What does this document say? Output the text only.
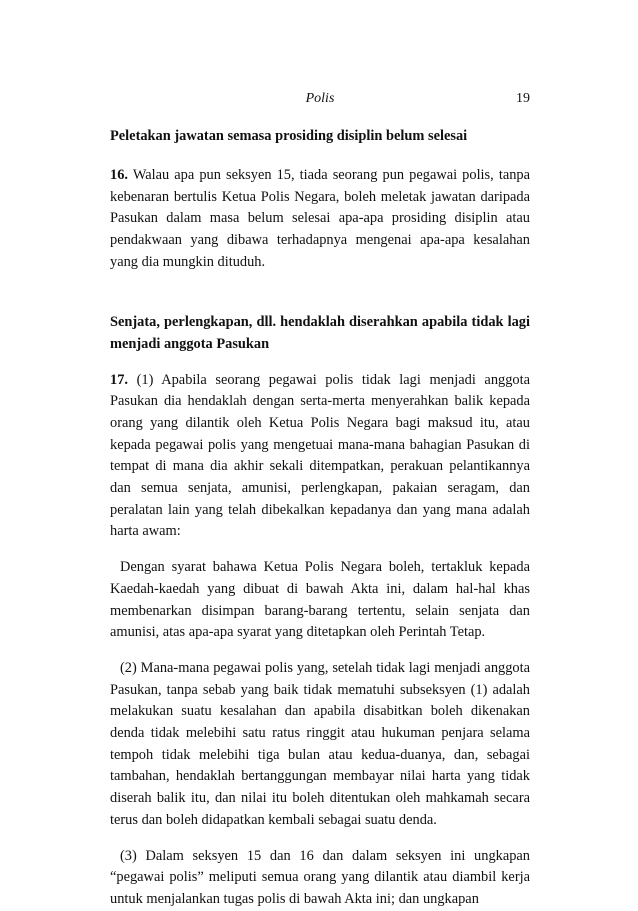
Polis	19
Peletakan jawatan semasa prosiding disiplin belum selesai

16. Walau apa pun seksyen 15, tiada seorang pun pegawai polis, tanpa kebenaran bertulis Ketua Polis Negara, boleh meletak jawatan daripada Pasukan dalam masa belum selesai apa-apa prosiding disiplin atau pendakwaan yang dibawa terhadapnya mengenai apa-apa kesalahan yang dia mungkin dituduh.

Senjata, perlengkapan, dll. hendaklah diserahkan apabila tidak lagi menjadi anggota Pasukan

17. (1) Apabila seorang pegawai polis tidak lagi menjadi anggota Pasukan dia hendaklah dengan serta-merta menyerahkan balik kepada orang yang dilantik oleh Ketua Polis Negara bagi maksud itu, atau kepada pegawai polis yang mengetuai mana-mana bahagian Pasukan di tempat di mana dia akhir sekali ditempatkan, perakuan pelantikannya dan semua senjata, amunisi, perlengkapan, pakaian seragam, dan peralatan lain yang telah dibekalkan kepadanya dan yang mana adalah harta awam:

Dengan syarat bahawa Ketua Polis Negara boleh, tertakluk kepada Kaedah-kaedah yang dibuat di bawah Akta ini, dalam hal-hal khas membenarkan disimpan barang-barang tertentu, selain senjata dan amunisi, atas apa-apa syarat yang ditetapkan oleh Perintah Tetap.

(2) Mana-mana pegawai polis yang, setelah tidak lagi menjadi anggota Pasukan, tanpa sebab yang baik tidak mematuhi subseksyen (1) adalah melakukan suatu kesalahan dan apabila disabitkan boleh dikenakan denda tidak melebihi satu ratus ringgit atau hukuman penjara selama tempoh tidak melebihi tiga bulan atau kedua-duanya, dan, sebagai tambahan, hendaklah bertanggungan membayar nilai harta yang tidak diserah balik itu, dan nilai itu boleh ditentukan oleh mahkamah secara terus dan boleh didapatkan kembali sebagai suatu denda.

(3) Dalam seksyen 15 dan 16 dan dalam seksyen ini ungkapan “pegawai polis” meliputi semua orang yang dilantik atau diambil kerja untuk menjalankan tugas polis di bawah Akta ini; dan ungkapan
